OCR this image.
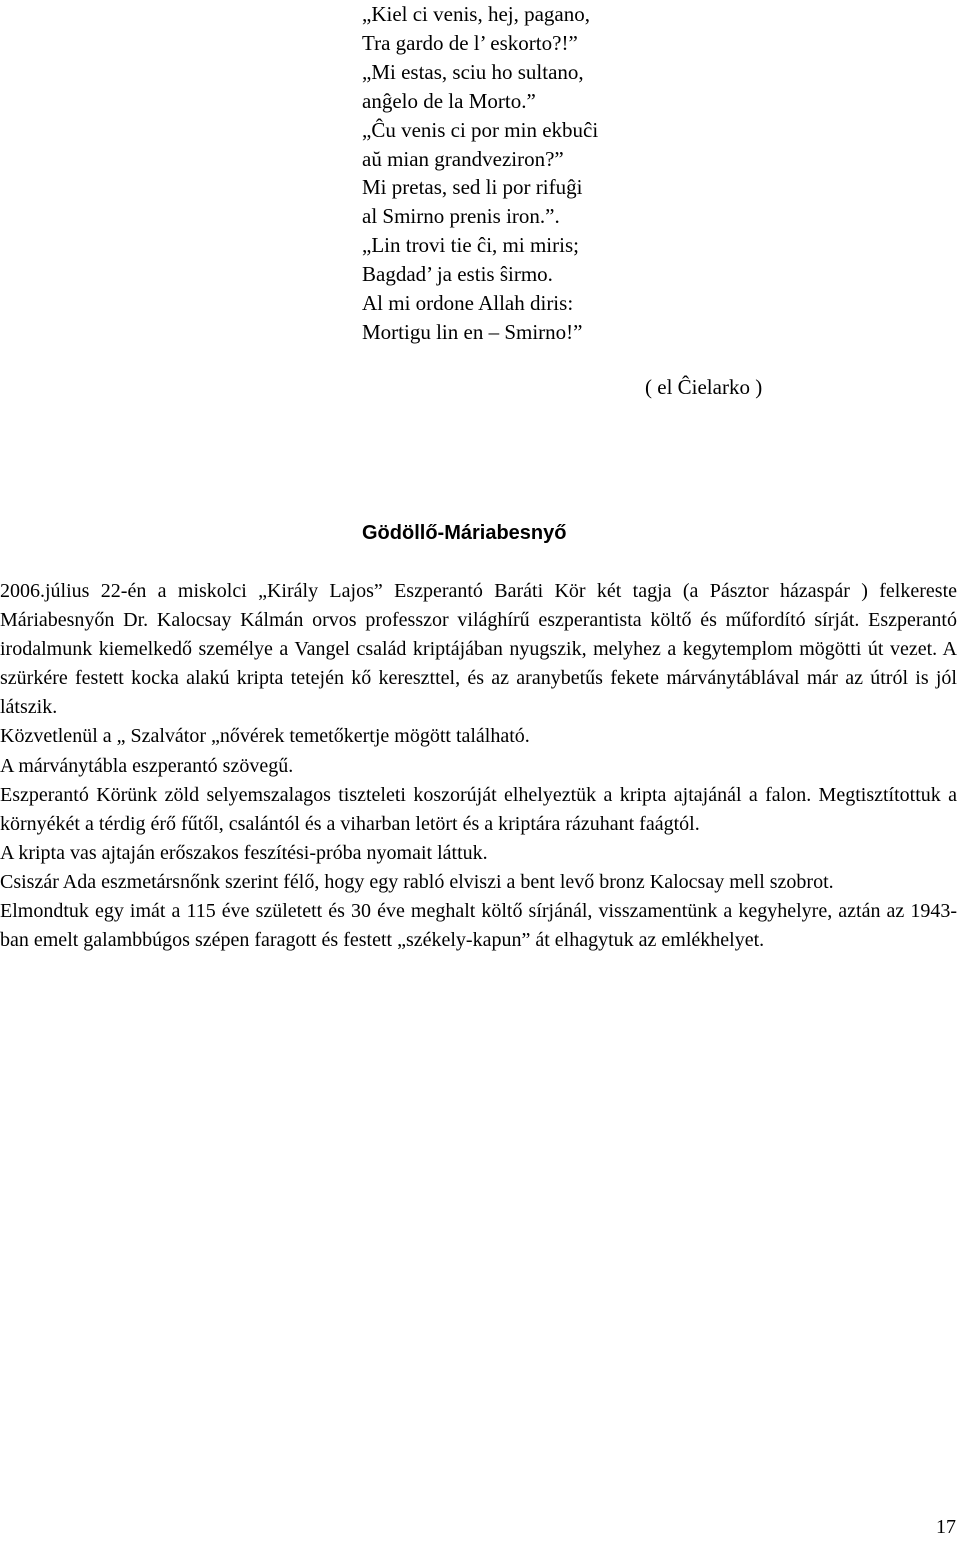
„Kiel ci venis, hej, pagano,
Tra gardo de l’ eskorto?!”
„Mi estas, sciu ho sultano,
anĝelo de la Morto.”
„Ĉu venis ci por min ekbuĉi
aŭ mian grandveziron?”
Mi pretas, sed li por rifuĝi
al Smirno prenis iron.”.
„Lin trovi tie ĉi, mi miris;
Bagdad’ ja estis ŝirmo.
Al mi ordone Allah diris:
Mortigu lin en – Smirno!”
( el Ĉielarko )
Gödöllő-Máriabesnyő

2006.július 22-én a miskolci „Király Lajos” Eszperantó Baráti Kör két tagja (a Pásztor házaspár ) felkereste Máriabesnyőn Dr. Kalocsay Kálmán orvos professzor világhírű eszperantista költő és műfordító sírját. Eszperantó irodalmunk kiemelkedő személye a Vangel család kriptájában nyugszik, melyhez a kegytemplom mögötti út vezet. A szürkére festett kocka alakú kripta tetején kő kereszttel, és az aranybetűs fekete márványtáblával már az útról is jól látszik.

Közvetlenül a „ Szalvátor „nővérek temetőkertje mögött található.

A márványtábla eszperantó szövegű.

Eszperantó Körünk zöld selyemszalagos tiszteleti koszorúját elhelyeztük a kripta ajtajánál a falon. Megtisztítottuk a környékét a térdig érő fűtől, csalántól és a viharban letört és a kriptára rázuhant faágtól.

A kripta vas ajtaján erőszakos feszítési-próba nyomait láttuk.

Csiszár Ada eszmetársnőnk szerint félő, hogy egy rabló elviszi a bent levő bronz Kalocsay mell szobrot.

Elmondtuk egy imát a 115 éve született és 30 éve meghalt költő sírjánál, visszamentünk a kegyhelyre, aztán az 1943-ban emelt galambbúgos szépen faragott és festett „székely-kapun” át elhagytuk az emlékhelyet.

17
